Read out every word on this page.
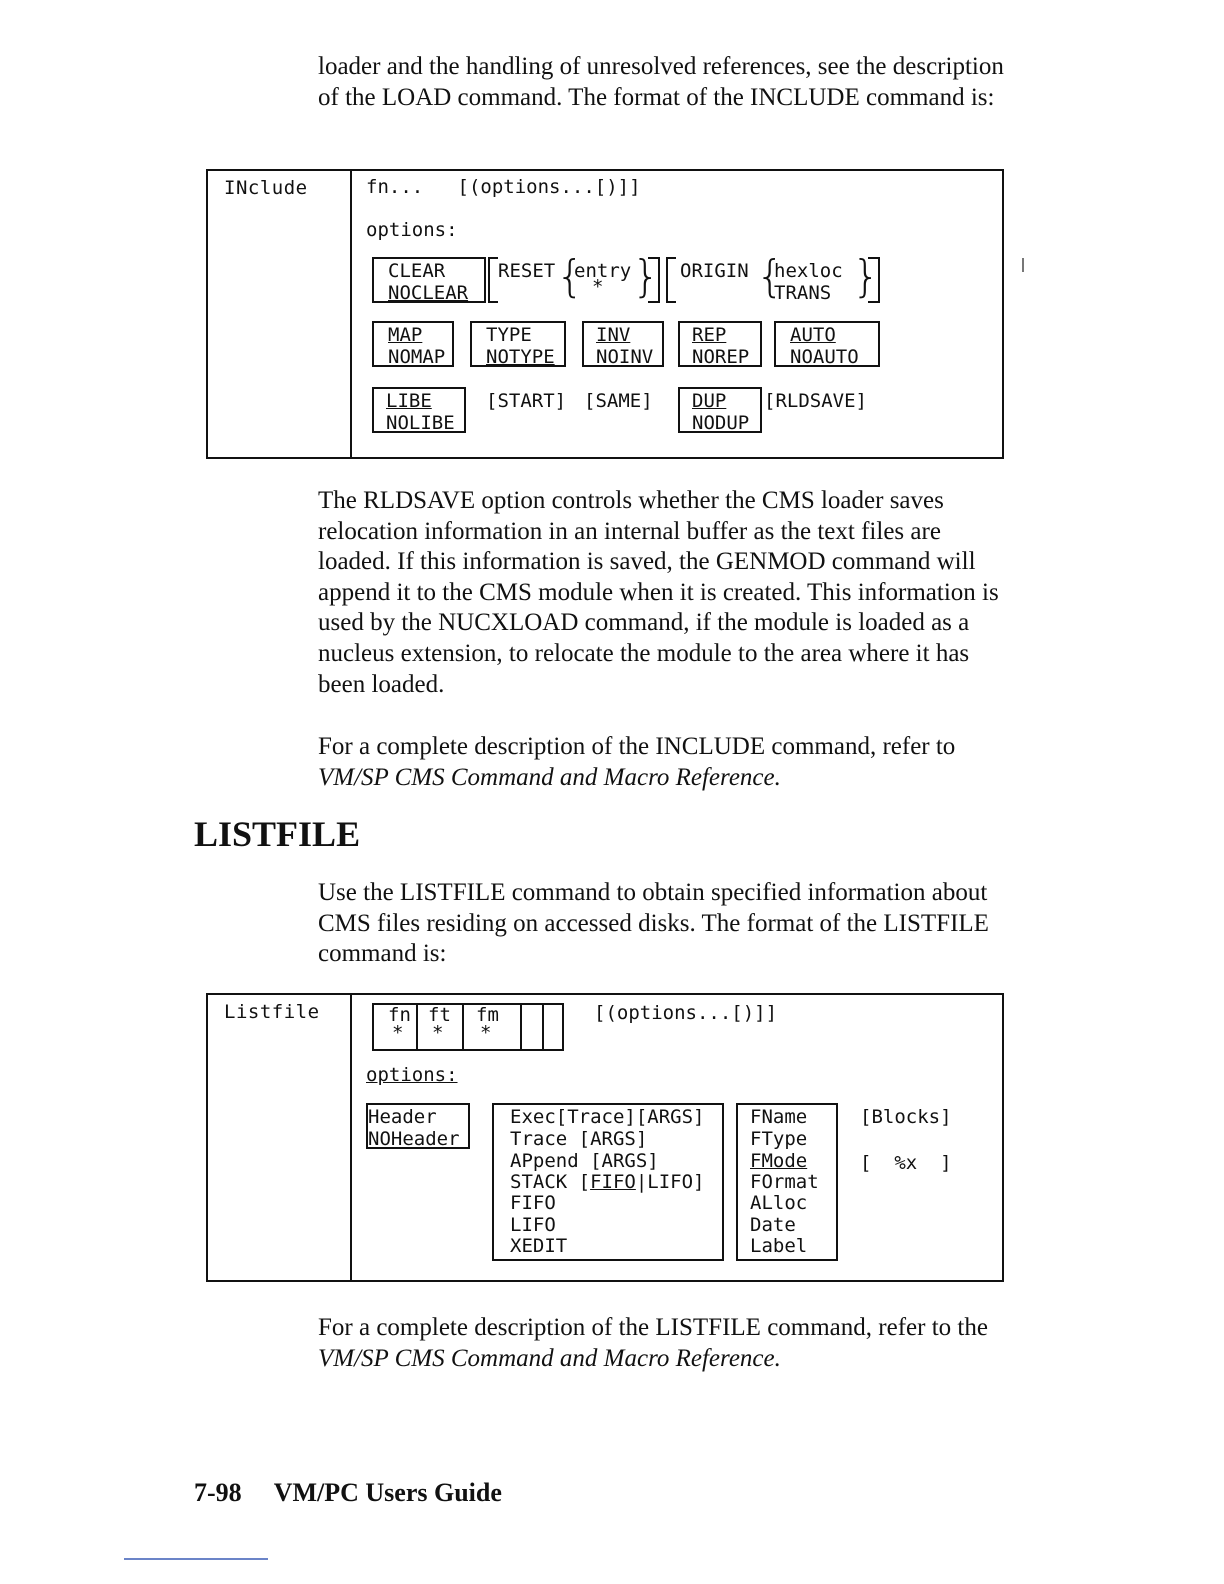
loader and the handling of unresolved references, see the description of the LOAD command. The format of the INCLUDE command is:

INclude	fn...   [(options...[)]]
options:
CLEAR
NOCLEAR
RESET {
entry
* } ORIGIN {
hexloc
TRANS }
MAP
NOMAP
TYPE
NOTYPE
INV
NOINV
REP
NOREP
AUTO
NOAUTO
LIBE
NOLIBE
[START] [SAME] DUP
NODUP
[RLDSAVE]

The RLDSAVE option controls whether the CMS loader saves relocation information in an internal buffer as the text files are loaded. If this information is saved, the GENMOD command will append it to the CMS module when it is created. This information is used by the NUCXLOAD command, if the module is loaded as a nucleus extension, to relocate the module to the area where it has been loaded.

For a complete description of the INCLUDE command, refer to VM/SP CMS Command and Macro Reference.

LISTFILE

Use the LISTFILE command to obtain specified information about CMS files residing on accessed disks. The format of the LISTFILE command is:

Listfile	fn
*
ft
*
fm
*
[(options...[)]]
options:
Header
NOHeader
Exec[Trace][ARGS]
Trace [ARGS]
APpend [ARGS]
STACK [FIFO|LIFO]
FIFO
LIFO
XEDIT
FName
FType
FMode
FOrmat
ALloc
Date
Label
[Blocks]
[  %x  ]

For a complete description of the LISTFILE command, refer to the VM/SP CMS Command and Macro Reference.

7-98 VM/PC Users Guide
